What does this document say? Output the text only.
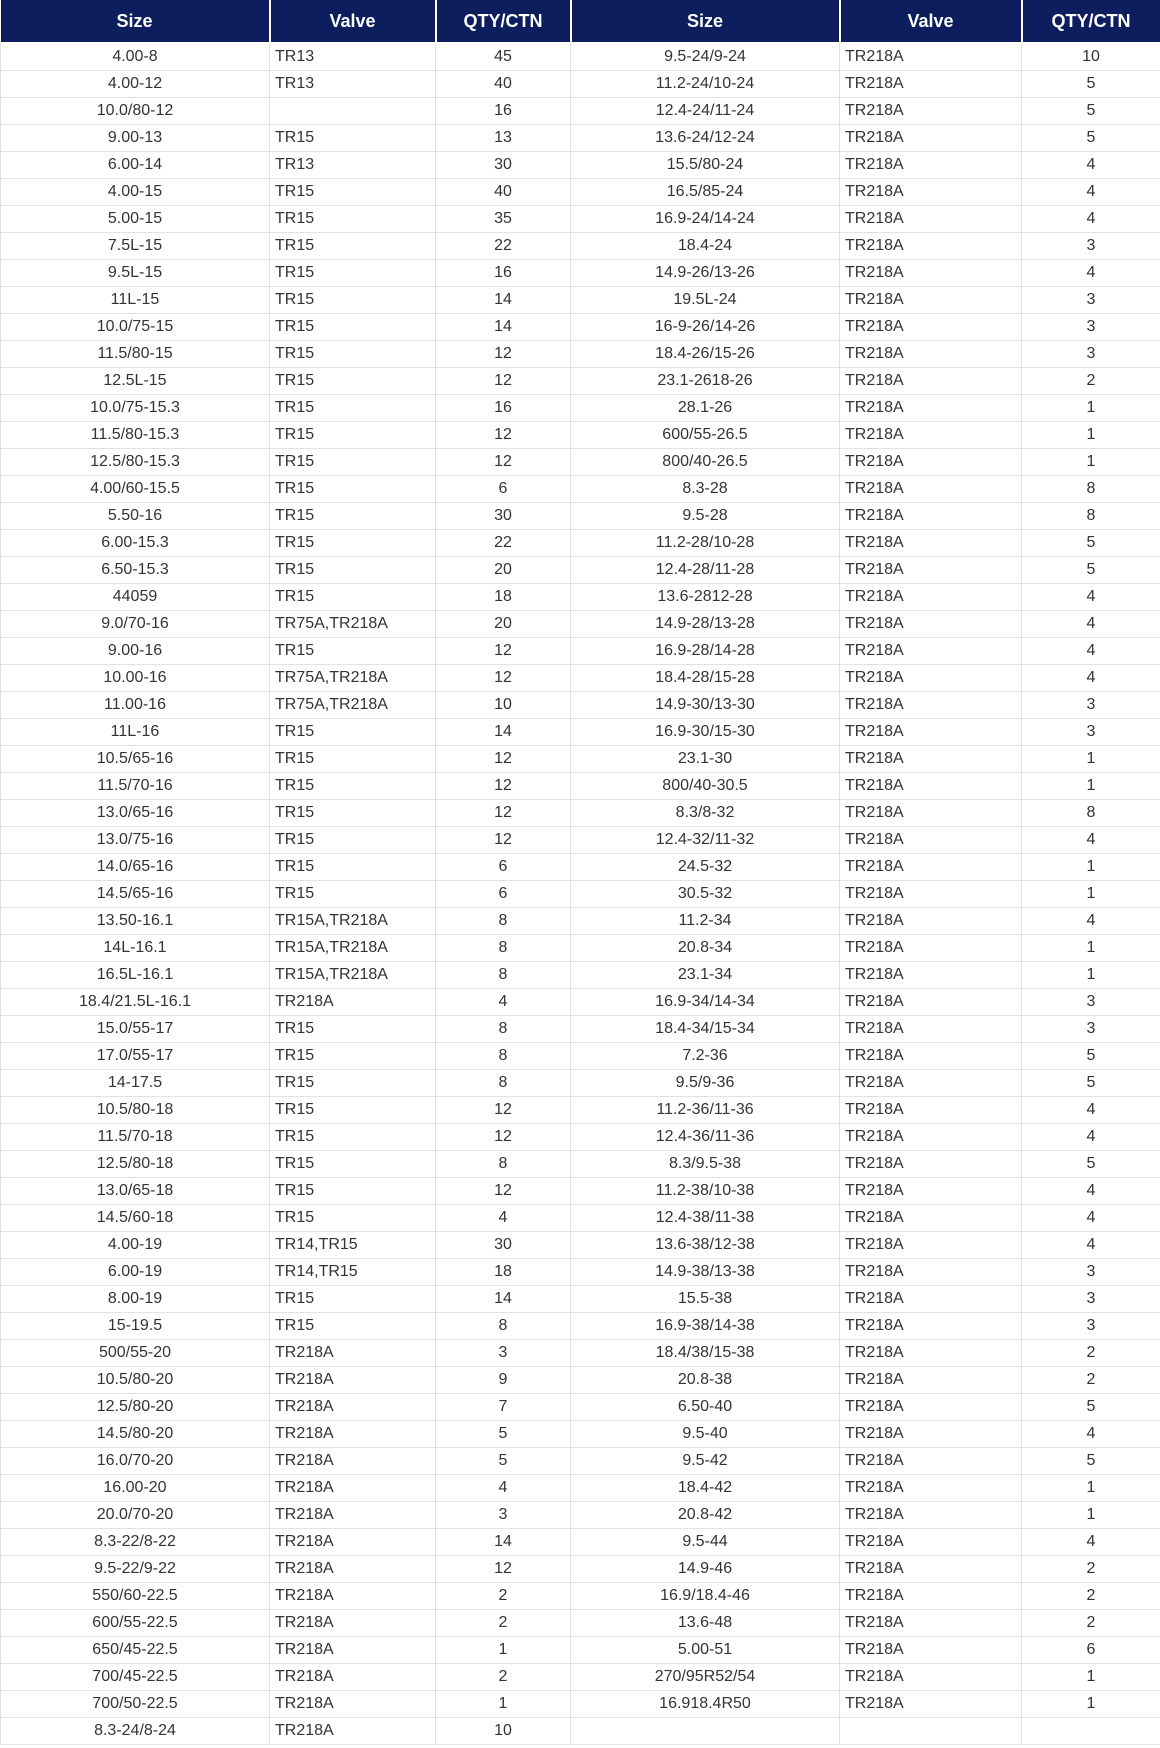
Size	Valve	QTY/CTN	Size	Valve	QTY/CTN
4.00-8	TR13	45	9.5-24/9-24	TR218A	10
4.00-12	TR13	40	11.2-24/10-24	TR218A	5
10.0/80-12		16	12.4-24/11-24	TR218A	5
9.00-13	TR15	13	13.6-24/12-24	TR218A	5
6.00-14	TR13	30	15.5/80-24	TR218A	4
4.00-15	TR15	40	16.5/85-24	TR218A	4
5.00-15	TR15	35	16.9-24/14-24	TR218A	4
7.5L-15	TR15	22	18.4-24	TR218A	3
9.5L-15	TR15	16	14.9-26/13-26	TR218A	4
11L-15	TR15	14	19.5L-24	TR218A	3
10.0/75-15	TR15	14	16-9-26/14-26	TR218A	3
11.5/80-15	TR15	12	18.4-26/15-26	TR218A	3
12.5L-15	TR15	12	23.1-2618-26	TR218A	2
10.0/75-15.3	TR15	16	28.1-26	TR218A	1
11.5/80-15.3	TR15	12	600/55-26.5	TR218A	1
12.5/80-15.3	TR15	12	800/40-26.5	TR218A	1
4.00/60-15.5	TR15	6	8.3-28	TR218A	8
5.50-16	TR15	30	9.5-28	TR218A	8
6.00-15.3	TR15	22	11.2-28/10-28	TR218A	5
6.50-15.3	TR15	20	12.4-28/11-28	TR218A	5
44059	TR15	18	13.6-2812-28	TR218A	4
9.0/70-16	TR75A,TR218A	20	14.9-28/13-28	TR218A	4
9.00-16	TR15	12	16.9-28/14-28	TR218A	4
10.00-16	TR75A,TR218A	12	18.4-28/15-28	TR218A	4
11.00-16	TR75A,TR218A	10	14.9-30/13-30	TR218A	3
11L-16	TR15	14	16.9-30/15-30	TR218A	3
10.5/65-16	TR15	12	23.1-30	TR218A	1
11.5/70-16	TR15	12	800/40-30.5	TR218A	1
13.0/65-16	TR15	12	8.3/8-32	TR218A	8
13.0/75-16	TR15	12	12.4-32/11-32	TR218A	4
14.0/65-16	TR15	6	24.5-32	TR218A	1
14.5/65-16	TR15	6	30.5-32	TR218A	1
13.50-16.1	TR15A,TR218A	8	11.2-34	TR218A	4
14L-16.1	TR15A,TR218A	8	20.8-34	TR218A	1
16.5L-16.1	TR15A,TR218A	8	23.1-34	TR218A	1
18.4/21.5L-16.1	TR218A	4	16.9-34/14-34	TR218A	3
15.0/55-17	TR15	8	18.4-34/15-34	TR218A	3
17.0/55-17	TR15	8	7.2-36	TR218A	5
14-17.5	TR15	8	9.5/9-36	TR218A	5
10.5/80-18	TR15	12	11.2-36/11-36	TR218A	4
11.5/70-18	TR15	12	12.4-36/11-36	TR218A	4
12.5/80-18	TR15	8	8.3/9.5-38	TR218A	5
13.0/65-18	TR15	12	11.2-38/10-38	TR218A	4
14.5/60-18	TR15	4	12.4-38/11-38	TR218A	4
4.00-19	TR14,TR15	30	13.6-38/12-38	TR218A	4
6.00-19	TR14,TR15	18	14.9-38/13-38	TR218A	3
8.00-19	TR15	14	15.5-38	TR218A	3
15-19.5	TR15	8	16.9-38/14-38	TR218A	3
500/55-20	TR218A	3	18.4/38/15-38	TR218A	2
10.5/80-20	TR218A	9	20.8-38	TR218A	2
12.5/80-20	TR218A	7	6.50-40	TR218A	5
14.5/80-20	TR218A	5	9.5-40	TR218A	4
16.0/70-20	TR218A	5	9.5-42	TR218A	5
16.00-20	TR218A	4	18.4-42	TR218A	1
20.0/70-20	TR218A	3	20.8-42	TR218A	1
8.3-22/8-22	TR218A	14	9.5-44	TR218A	4
9.5-22/9-22	TR218A	12	14.9-46	TR218A	2
550/60-22.5	TR218A	2	16.9/18.4-46	TR218A	2
600/55-22.5	TR218A	2	13.6-48	TR218A	2
650/45-22.5	TR218A	1	5.00-51	TR218A	6
700/45-22.5	TR218A	2	270/95R52/54	TR218A	1
700/50-22.5	TR218A	1	16.918.4R50	TR218A	1
8.3-24/8-24	TR218A	10			
